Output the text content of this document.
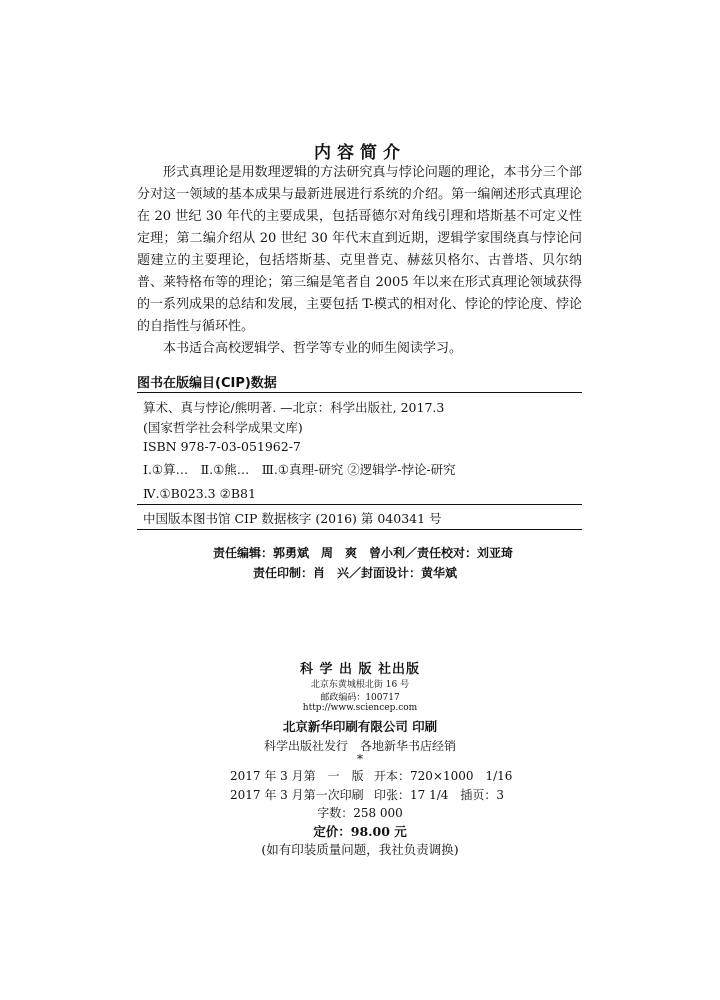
内容简介

形式真理论是用数理逻辑的方法研究真与悖论问题的理论，本书分三个部分对这一领域的基本成果与最新进展进行系统的介绍。第一编阐述形式真理论在 20 世纪 30 年代的主要成果，包括哥德尔对角线引理和塔斯基不可定义性定理；第二编介绍从 20 世纪 30 年代末直到近期，逻辑学家围绕真与悖论问题建立的主要理论，包括塔斯基、克里普克、赫兹贝格尔、古普塔、贝尔纳普、莱特格布等的理论；第三编是笔者自 2005 年以来在形式真理论领域获得的一系列成果的总结和发展，主要包括 T-模式的相对化、悖论的悖论度、悖论的自指性与循环性。

本书适合高校逻辑学、哲学等专业的师生阅读学习。

图书在版编目(CIP)数据
算术、真与悖论/熊明著. —北京：科学出版社, 2017.3
(国家哲学社会科学成果文库)
ISBN 978-7-03-051962-7
Ⅰ.①算…　Ⅱ.①熊…　Ⅲ.①真理-研究 ②逻辑学-悖论-研究
Ⅳ.①B023.3 ②B81
中国版本图书馆 CIP 数据核字 (2016) 第 040341 号
责任编辑：郭勇斌　周　爽　曾小利／责任校对：刘亚琦
责任印制：肖　兴／封面设计：黄华斌
科 学 出 版 社出版
北京东黄城根北街 16 号
邮政编码：100717
http://www.sciencep.com
北京新华印刷有限公司 印刷
科学出版社发行　各地新华书店经销
*
2017 年 3 月第　一　版 开本：720×1000　1/16
2017 年 3 月第一次印刷 印张：17 1/4　插页：3
字数：258 000
定价：98.00 元
(如有印装质量问题，我社负责调换)
